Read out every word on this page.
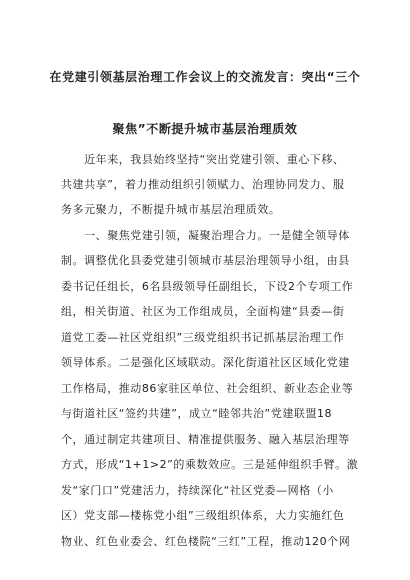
在党建引领基层治理工作会议上的交流发言：突出“三个
聚焦”不断提升城市基层治理质效
　　近年来，我县始终坚持“突出党建引领、重心下移、
共建共享”，着力推动组织引领赋力、治理协同发力、服
务多元聚力，不断提升城市基层治理质效。
　　一、聚焦党建引领，凝聚治理合力。一是健全领导体
制。调整优化县委党建引领城市基层治理领导小组，由县
委书记任组长，6名县级领导任副组长，下设2个专项工作
组，相关街道、社区为工作组成员，全面构建“县委—街
道党工委—社区党组织”三级党组织书记抓基层治理工作
领导体系。二是强化区域联动。深化街道社区区域化党建
工作格局，推动86家驻区单位、社会组织、新业态企业等
与街道社区“签约共建”，成立“睦邻共治”党建联盟18
个，通过制定共建项目、精准提供服务、融入基层治理等
方式，形成“1+1>2”的乘数效应。三是延伸组织手臂。激
发“家门口”党建活力，持续深化“社区党委—网格（小
区）党支部—楼栋党小组”三级组织体系，大力实施红色
物业、红色业委会、红色楼院“三红”工程，推动120个网
